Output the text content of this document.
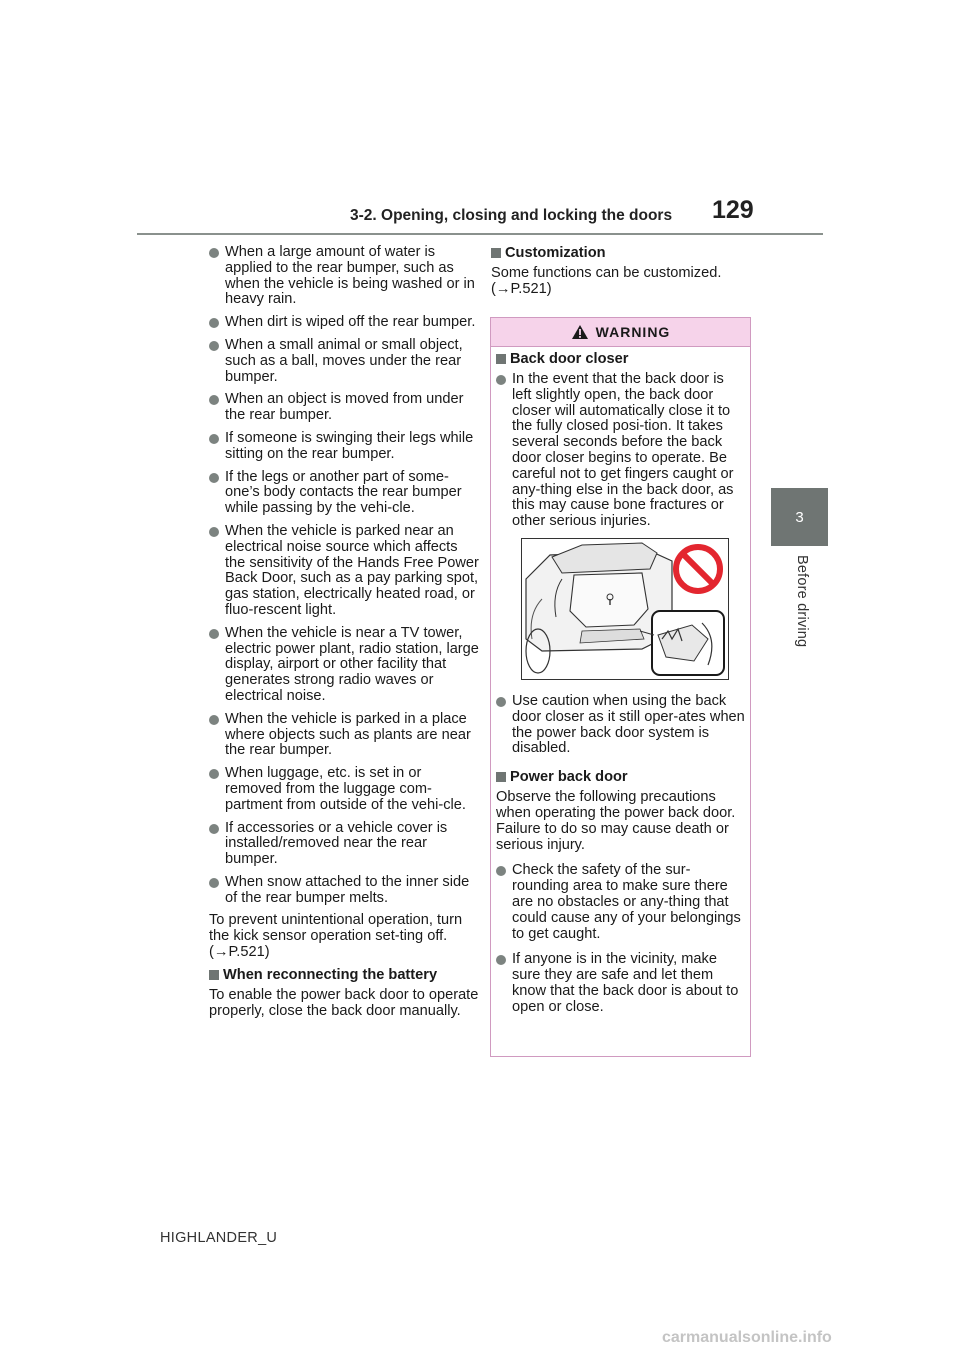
3-2. Opening, closing and locking the doors 129
3
Before driving
When a large amount of water is applied to the rear bumper, such as when the vehicle is being washed or in heavy rain.
When dirt is wiped off the rear bumper.
When a small animal or small object, such as a ball, moves under the rear bumper.
When an object is moved from under the rear bumper.
If someone is swinging their legs while sitting on the rear bumper.
If the legs or another part of some-one’s body contacts the rear bumper while passing by the vehi-cle.
When the vehicle is parked near an electrical noise source which affects the sensitivity of the Hands Free Power Back Door, such as a pay parking spot, gas station, electrically heated road, or fluo-rescent light.
When the vehicle is near a TV tower, electric power plant, radio station, large display, airport or other facility that generates strong radio waves or electrical noise.
When the vehicle is parked in a place where objects such as plants are near the rear bumper.
When luggage, etc. is set in or removed from the luggage com-partment from outside of the vehi-cle.
If accessories or a vehicle cover is installed/removed near the rear bumper.
When snow attached to the inner side of the rear bumper melts.
To prevent unintentional operation, turn the kick sensor operation set-ting off. (→P.521)
When reconnecting the battery
To enable the power back door to operate properly, close the back door manually.
Customization
Some functions can be customized. (→P.521)
WARNING
Back door closer
In the event that the back door is left slightly open, the back door closer will automatically close it to the fully closed posi-tion. It takes several seconds before the back door closer begins to operate. Be careful not to get fingers caught or any-thing else in the back door, as this may cause bone fractures or other serious injuries.
Use caution when using the back door closer as it still oper-ates when the power back door system is disabled.
Power back door
Observe the following precautions when operating the power back door. Failure to do so may cause death or serious injury.
Check the safety of the sur-rounding area to make sure there are no obstacles or any-thing that could cause any of your belongings to get caught.
If anyone is in the vicinity, make sure they are safe and let them know that the back door is about to open or close.
HIGHLANDER_U
carmanualsonline.info
